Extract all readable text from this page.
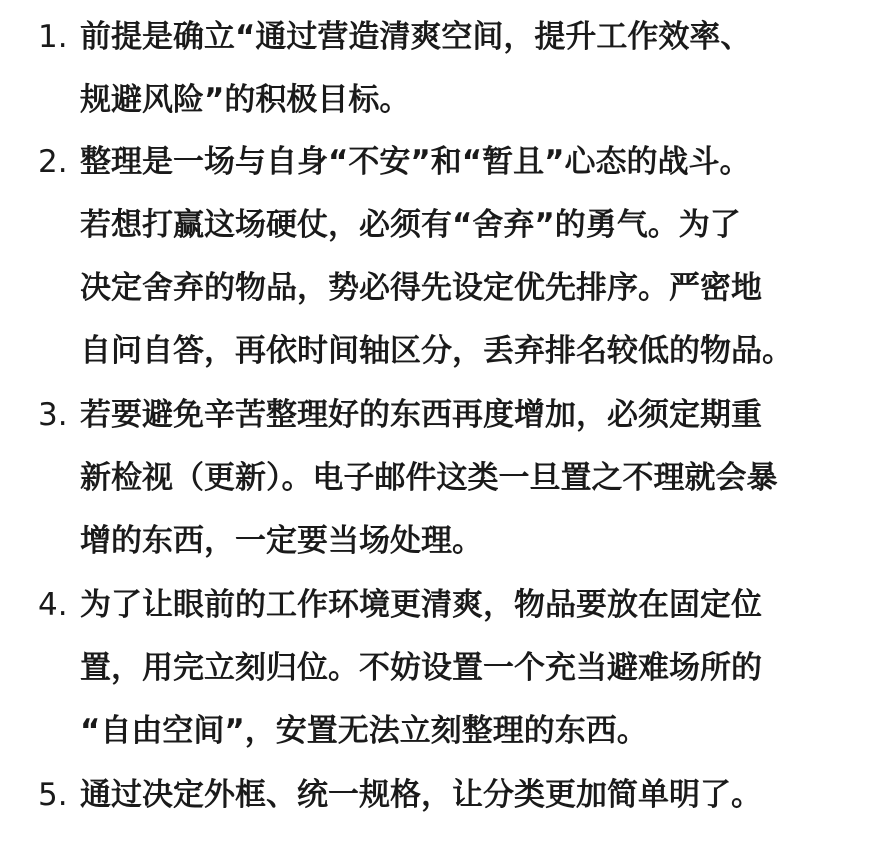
1. 前提是确立“通过营造清爽空间，提升工作效率、
规避风险”的积极目标。
2. 整理是一场与自身“不安”和“暂且”心态的战斗。
若想打赢这场硬仗，必须有“舍弃”的勇气。为了
决定舍弃的物品，势必得先设定优先排序。严密地
自问自答，再依时间轴区分，丢弃排名较低的物品。
3. 若要避免辛苦整理好的东西再度增加，必须定期重
新检视（更新）。电子邮件这类一旦置之不理就会暴
增的东西，一定要当场处理。
4. 为了让眼前的工作环境更清爽，物品要放在固定位
置，用完立刻归位。不妨设置一个充当避难场所的
“自由空间”，安置无法立刻整理的东西。
5. 通过决定外框、统一规格，让分类更加简单明了。
